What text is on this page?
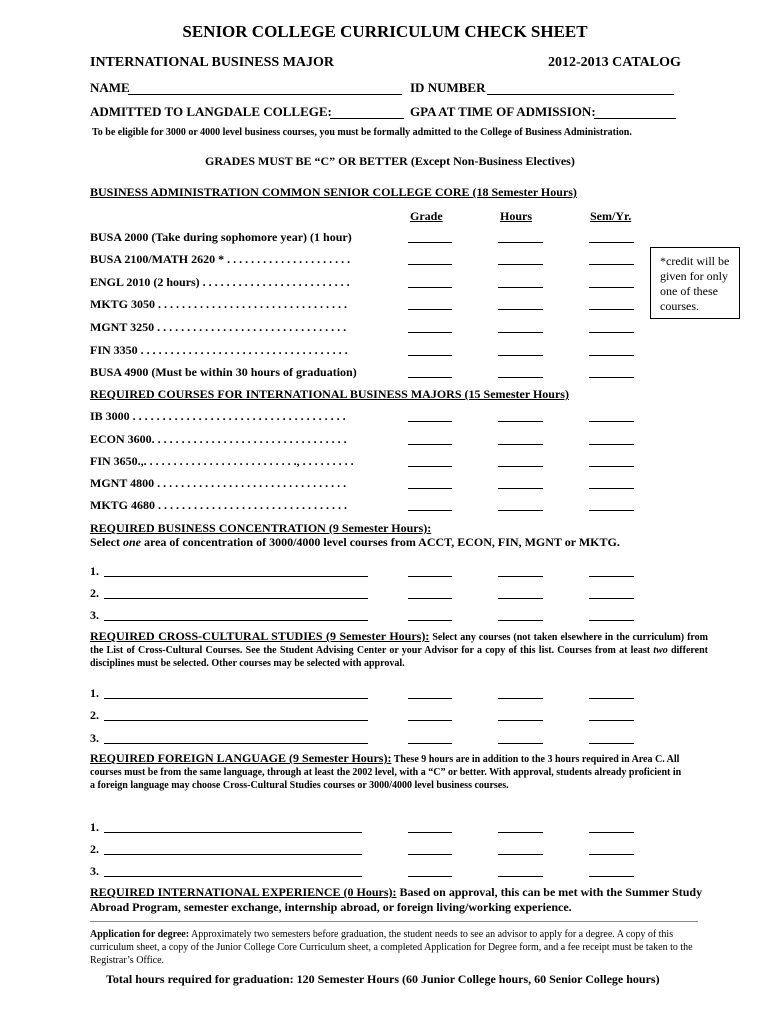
SENIOR COLLEGE CURRICULUM CHECK SHEET
INTERNATIONAL BUSINESS MAJOR	2012-2013 CATALOG
NAME	ID NUMBER
ADMITTED TO LANGDALE COLLEGE:	GPA AT TIME OF ADMISSION:
To be eligible for 3000 or 4000 level business courses, you must be formally admitted to the College of Business Administration.
GRADES MUST BE “C” OR BETTER (Except Non-Business Electives)
BUSINESS ADMINISTRATION COMMON SENIOR COLLEGE CORE (18 Semester Hours)
Grade	Hours	Sem/Yr.
BUSA 2000 (Take during sophomore year) (1 hour)
BUSA 2100/MATH 2620 * . . . . . . . . . . . . . . . . . . . . .
ENGL 2010 (2 hours) . . . . . . . . . . . . . . . . . . . . . . . . .
MKTG 3050 . . . . . . . . . . . . . . . . . . . . . . . . . . . . . . . .
MGNT 3250 . . . . . . . . . . . . . . . . . . . . . . . . . . . . . . . .
FIN 3350 . . . . . . . . . . . . . . . . . . . . . . . . . . . . . . . . . . .
BUSA 4900 (Must be within 30 hours of graduation)
*credit will be given for only one of these courses.
REQUIRED COURSES FOR INTERNATIONAL BUSINESS MAJORS (15 Semester Hours)
IB 3000 . . . . . . . . . . . . . . . . . . . . . . . . . . . . . . . . . . . .
ECON 3600. . . . . . . . . . . . . . . . . . . . . . . . . . . . . . . . .
FIN 3650.,. . . . . . . . . . . . . . . . . . . . . . . . . ., . . . . . . . . .
MGNT 4800 . . . . . . . . . . . . . . . . . . . . . . . . . . . . . . . .
MKTG 4680 . . . . . . . . . . . . . . . . . . . . . . . . . . . . . . . .
REQUIRED BUSINESS CONCENTRATION (9 Semester Hours):
Select one area of concentration of 3000/4000 level courses from ACCT, ECON, FIN, MGNT or MKTG.
1.
2.
3.
REQUIRED CROSS-CULTURAL STUDIES (9 Semester Hours): Select any courses (not taken elsewhere in the curriculum) from the List of Cross-Cultural Courses. See the Student Advising Center or your Advisor for a copy of this list. Courses from at least two different disciplines must be selected. Other courses may be selected with approval.
1.
2.
3.
REQUIRED FOREIGN LANGUAGE (9 Semester Hours): These 9 hours are in addition to the 3 hours required in Area C. All courses must be from the same language, through at least the 2002 level, with a “C” or better. With approval, students already proficient in a foreign language may choose Cross-Cultural Studies courses or 3000/4000 level business courses.
1.
2.
3.
REQUIRED INTERNATIONAL EXPERIENCE (0 Hours): Based on approval, this can be met with the Summer Study Abroad Program, semester exchange, internship abroad, or foreign living/working experience.
Application for degree: Approximately two semesters before graduation, the student needs to see an advisor to apply for a degree. A copy of this curriculum sheet, a copy of the Junior College Core Curriculum sheet, a completed Application for Degree form, and a fee receipt must be taken to the Registrar’s Office.
Total hours required for graduation: 120 Semester Hours (60 Junior College hours, 60 Senior College hours)
